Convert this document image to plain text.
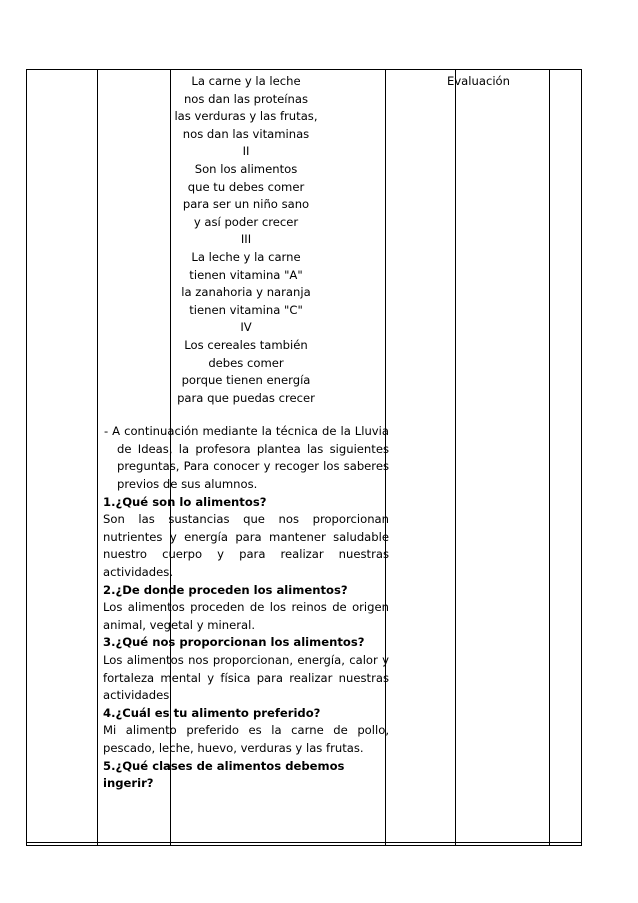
La carne y la leche
nos dan las proteínas
las verduras y las frutas,
nos dan las vitaminas
II
Son los alimentos
que tu debes comer
para ser un niño sano
y así poder crecer
III
La leche y la carne
tienen vitamina "A"
la zanahoria y naranja
tienen vitamina "C"
IV
Los cereales también
debes comer
porque tienen energía
para que puedas crecer
- A continuación mediante la técnica de la Lluvia de Ideas, la profesora plantea las siguientes preguntas, Para conocer y recoger los saberes previos de sus alumnos.
1.¿Qué son lo alimentos?
Son las sustancias que nos proporcionan nutrientes y energía para mantener saludable nuestro cuerpo y para realizar nuestras actividades.
2.¿De donde proceden los alimentos?
Los alimentos proceden de los reinos de origen animal, vegetal y mineral.
3.¿Qué nos proporcionan los alimentos?
Los alimentos nos proporcionan, energía, calor y fortaleza mental y física para realizar nuestras actividades
4.¿Cuál es tu alimento preferido?
Mi alimento preferido es la carne de pollo, pescado, leche, huevo, verduras y las frutas.
5.¿Qué clases de alimentos debemos ingerir?
Evaluación
